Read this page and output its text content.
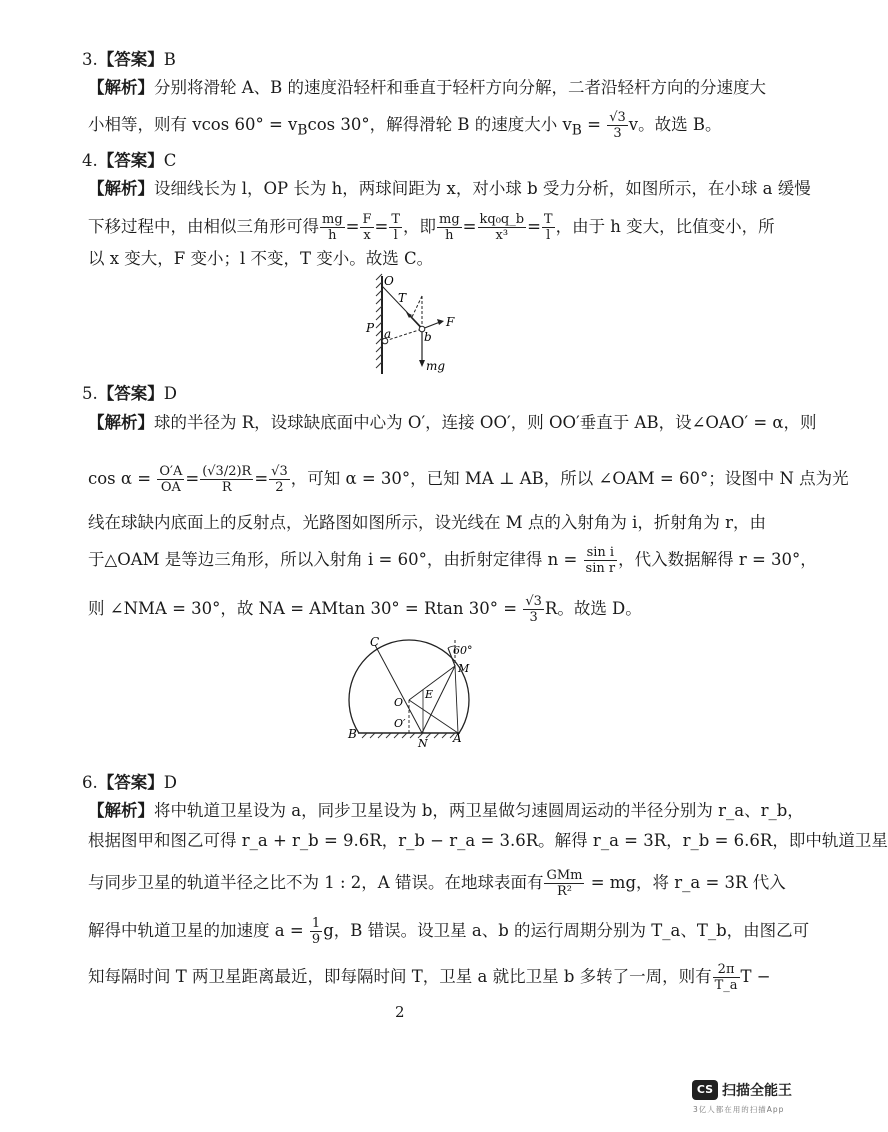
3.【答案】B
【解析】分别将滑轮 A、B 的速度沿轻杆和垂直于轻杆方向分解，二者沿轻杆方向的分速度大
小相等，则有 vcos $60^\circ = v_B\cos$ 30°，解得滑轮 B 的速度大小 $v_B = \frac{√3}{3}$ v。故选 B。
4.【答案】C
【解析】设细线长为 l，OP 长为 h，两球间距为 x，对小球 b 受力分析，如图所示，在小球 a 缓慢
下移过程中，由相似三角形可得 $\frac{mg}{h} = \frac{F}{x} = \frac{T}{l}$ ，即 $\frac{mg}{h} = \frac{\text{kq₀q\_b}}{\text{x³}} = \frac{T}{l}$ ，由于 h 变大，比值变小，所
以 x 变大，F 变小；l 不变，T 变小。故选 C。
O
T
P a	b
F
mg
5.【答案】D
【解析】球的半径为 R，设球缺底面中心为 O′，连接 OO′，则 OO′垂直于 AB，设∠OAO′ = α，则
$\cos \alpha = \frac{O'A}{OA} = \frac{(√3/2)R}{R} = \frac{√3}{2}$ ，可知 α = 30°，已知 MA ⊥ AB，所以 ∠OAM = 60°；设图中 N 点为光
线在球缺内底面上的反射点，光路图如图所示，设光线在 M 点的入射角为 i，折射角为 r，由
于△OAM 是等边三角形，所以入射角 i = 60°，由折射定律得 $n = \frac{\text{sin i}}{\text{sin r}}$ ，代入数据解得 r = 30°，
则 ∠NMA = 30°，故 NA = AMtan 30° = Rtan $30^\circ = \frac{√3}{3}$ R。故选 D。
C
60°
M
E
O
O′
B
N A
6.【答案】D
【解析】将中轨道卫星设为 a，同步卫星设为 b，两卫星做匀速圆周运动的半径分别为 r_a、r_b，
根据图甲和图乙可得 r_a + r_b = 9.6R，r_b − r_a = 3.6R。解得 r_a = 3R，r_b = 6.6R，即中轨道卫星
与同步卫星的轨道半径之比不为 1 : 2，A 错误。在地球表面有 $\frac{\text{GMm}}{\text{R²}}$ = mg，将 r_a = 3R 代入
解得中轨道卫星的加速度 $a = \frac{1}{9}$ g，B 错误。设卫星 a、b 的运行周期分别为 T_a、T_b，由图乙可
知每隔时间 T 两卫星距离最近，即每隔时间 T，卫星 a 就比卫星 b 多转了一周，则有 $\frac{2\pi}{T\_a}$ T −
2
CS 扫描全能王
3亿人都在用的扫描App
